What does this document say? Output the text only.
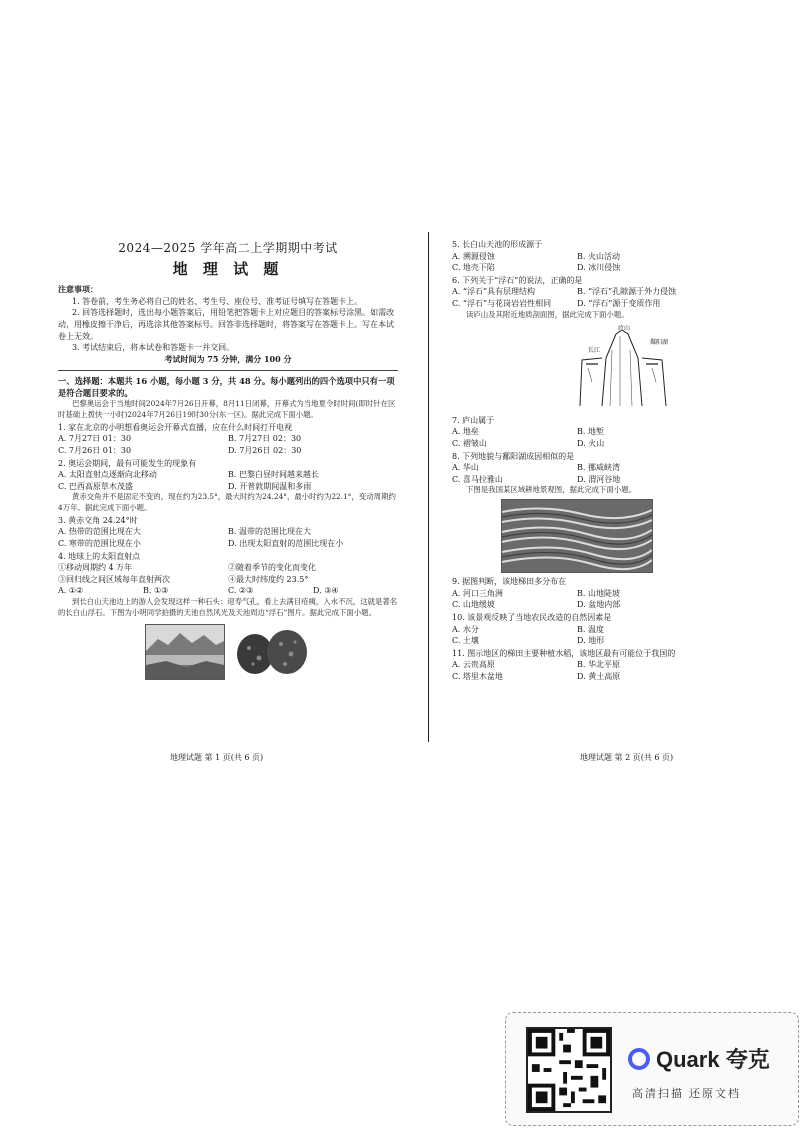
2024—2025 学年高二上学期期中考试
地 理 试 题
注意事项：
1. 答卷前，考生务必将自己的姓名、考生号、座位号、准考证号填写在答题卡上。
2. 回答选择题时，选出每小题答案后，用铅笔把答题卡上对应题目的答案标号涂黑。如需改动，用橡皮擦干净后，再选涂其他答案标号。回答非选择题时，将答案写在答题卡上。写在本试卷上无效。
3. 考试结束后，将本试卷和答题卡一并交回。
考试时间为 75 分钟，满分 100 分
一、选择题：本题共 16 小题，每小题 3 分，共 48 分。每小题列出的四个选项中只有一项是符合题目要求的。
巴黎奥运会于当地时间2024年7月26日开幕，8月11日闭幕，开幕式为当地夏令时时间(即时针在区时基础上拨快一小时)2024年7月26日19时30分(东一区)。据此完成下面小题。
1. 家在北京的小明想看奥运会开幕式直播，应在什么时间打开电视
A. 7月27日 01：30	B. 7月27日 02：30
C. 7月26日 01：30	D. 7月26日 02：30
2. 奥运会期间，最有可能发生的现象有
A. 太阳直射点逐渐向北移动	B. 巴黎白昼时间越来越长
C. 巴西高原草木茂盛	D. 开普敦期间温和多雨
黄赤交角并不是固定不变的，现在约为23.5°，最大时约为24.24°，最小时约为22.1°，变动周期约4万年。据此完成下面小题。
3. 黄赤交角 24.24°时
A. 热带的范围比现在大	B. 温带的范围比现在大
C. 寒带的范围比现在小	D. 出现太阳直射的范围比现在小
4. 地球上的太阳直射点
①移动周期约 4 万年	②随着季节的变化而变化
③回归线之间区域每年直射两次	④最大时纬度约 23.5°
A. ①②	B. ①③	C. ②③	D. ③④
到长白山天池边上的游人会发现这样一种石头：迎寿气孔，看上去满目疮痍，入水不沉，这就是著名的长白山浮石。下图为小明同学拍摄的天池自然风光及天池周边“浮石”图片。据此完成下面小题。
地理试题 第 1 页(共 6 页)
5. 长白山天池的形成源于
A. 溯源侵蚀	B. 火山活动
C. 地壳下陷	D. 冰川侵蚀
6. 下列关于“浮石”的说法，正确的是
A. “浮石”具有层理结构	B. “浮石”孔隙源于外力侵蚀
C. “浮石”与花岗岩岩性相同	D. “浮石”源于变质作用
读庐山及其附近地质剖面图，据此完成下面小题。
庐山
长江
鄱阳湖
7. 庐山属于
A. 地垒	B. 地堑
C. 褶皱山	D. 火山
8. 下列地貌与鄱阳湖成因相似的是
A. 华山	B. 挪威峡湾
C. 喜马拉雅山	D. 渭河谷地
下图是我国某区域耕地景观图，据此完成下面小题。
9. 据图判断，该地梯田多分布在
A. 河口三角洲	B. 山地陡坡
C. 山地缓坡	D. 盆地内部
10. 该景观反映了当地农民改造的自然因素是
A. 水分	B. 温度
C. 土壤	D. 地形
11. 图示地区的梯田主要种植水稻，该地区最有可能位于我国的
A. 云贵高原	B. 华北平原
C. 塔里木盆地	D. 黄土高原
地理试题 第 2 页(共 6 页)
Quark 夸克
高清扫描 还原文档
